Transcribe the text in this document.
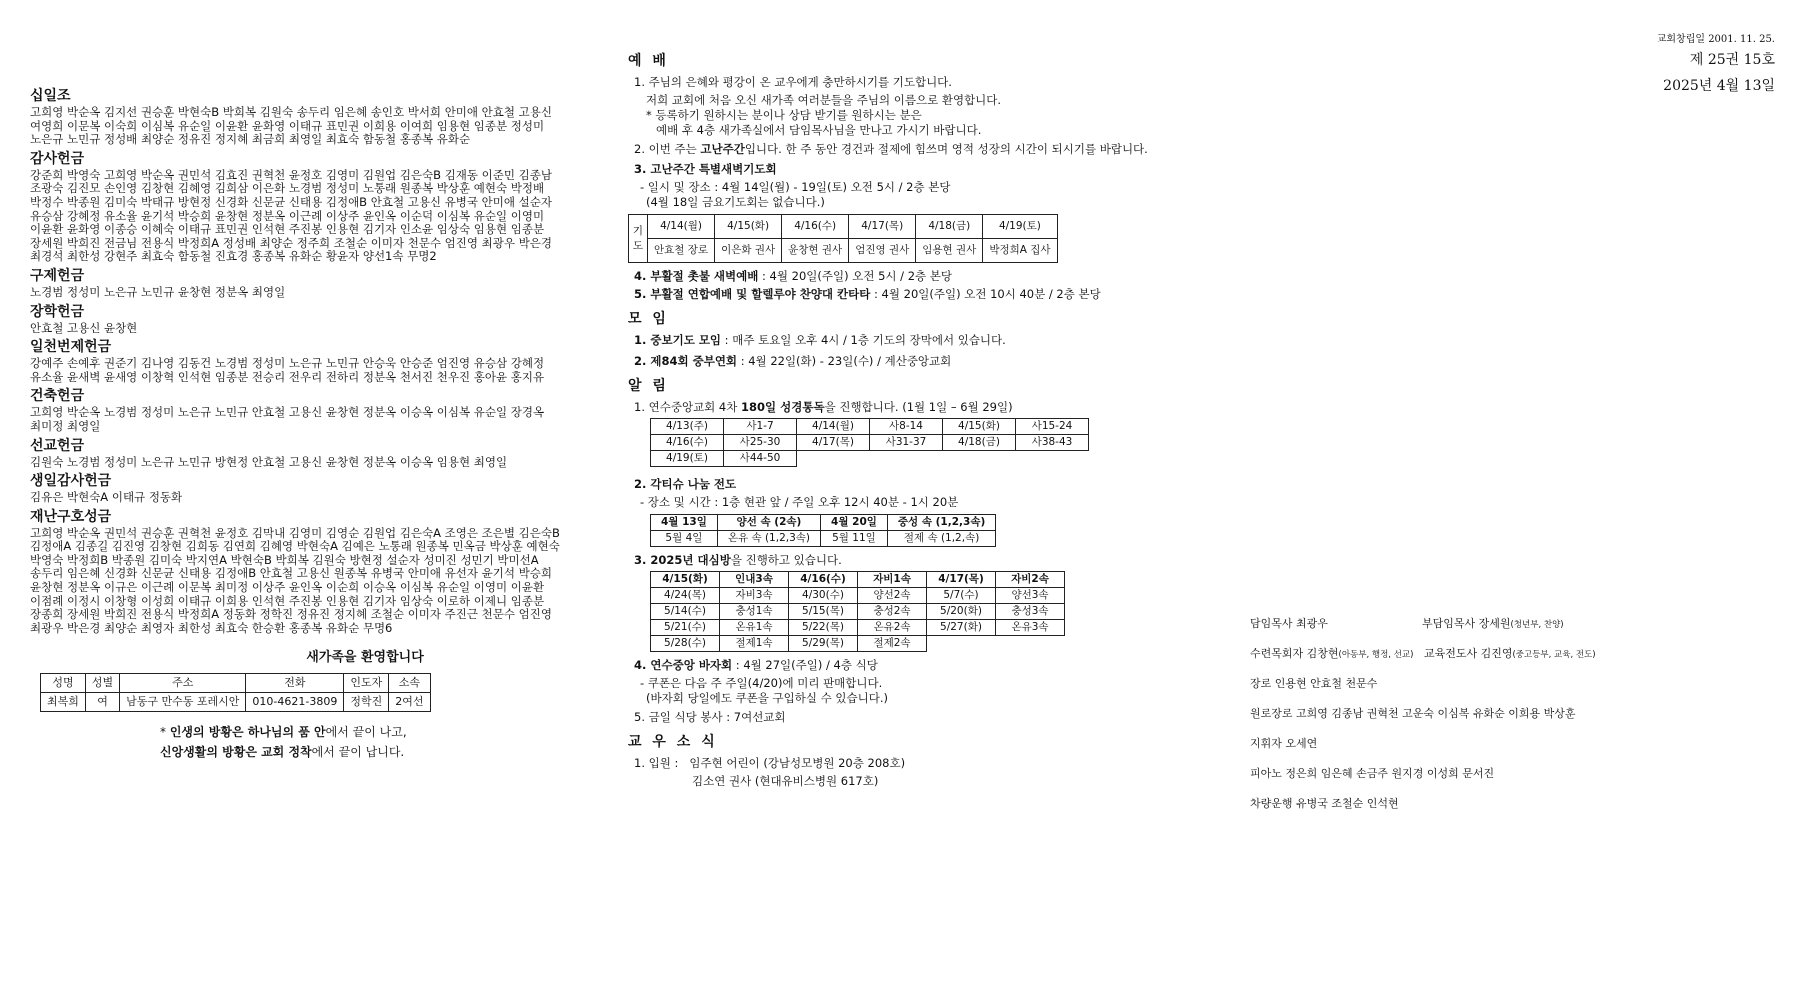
교회창립일 2001. 11. 25.
제 25권 15호
2025년 4월 13일
십일조
고희영 박순옥 김지선 권승훈 박현숙B 박희복 김원숙 송두리 임은혜 송인호 박서희 안미애 안효철 고용신 여영희 이문복 이숙희 이심복 유순일 이윤환 윤화영 이태규 표민권 이희용 이여희 임용현 임종분 정성미 노은규 노민규 정성배 최양순 정유진 정지혜 최금희 최영일 최효숙 함동철 홍종복 유화순
감사헌금
강준희 박영숙 고희영 박순옥 권민석 김효진 권혁천 윤정호 김영미 김원업 김은숙B 김재동 이준민 김종남 조광숙 김진모 손인영 김창현 김혜영 김희삼 이은화 노경범 정성미 노통래 원종복 박상훈 예현숙 박정배 박정수 박종원 김미숙 박태규 방현정 신경화 신문균 신태용 김정애B 안효철 고용신 유병국 안미애 설순자 유승삼 강혜정 유소율 윤기석 박승희 윤창현 정분옥 이근례 이상주 윤인옥 이순덕 이심복 유순일 이영미 이윤환 윤화영 이종승 이혜숙 이태규 표민권 인석현 주진봉 인용현 김기자 인소윤 임상숙 임용현 임종분 장세원 박희진 전금님 전용식 박정희A 정성배 최양순 정주희 조철순 이미자 천문수 엄진영 최광우 박은경 최경석 최한성 강현주 최효숙 함동철 진효경 홍종복 유화순 황윤자 양선1속 무명2
구제헌금
노경범 정성미 노은규 노민규 윤창현 정분옥 최영일
장학헌금
안효철 고용신 윤창현
일천번제헌금
강예주 손예후 권준기 김나영 김동건 노경범 정성미 노은규 노민규 안승욱 안승준 엄진영 유승삼 강혜정 유소율 윤새벽 윤새영 이창혁 인석현 임종분 전승리 전우리 전하리 정분옥 천서진 천우진 홍아윤 홍지유
건축헌금
고희영 박순옥 노경범 정성미 노은규 노민규 안효철 고용신 윤창현 정분옥 이승옥 이심복 유순일 장경옥 최미정 최영일
선교헌금
김원숙 노경범 정성미 노은규 노민규 방현정 안효철 고용신 윤창현 정분옥 이승옥 임용현 최영일
생일감사헌금
김유은 박현숙A 이태규 정동화
재난구호성금
고희영 박순옥 권민석 권승훈 권혁천 윤정호 김막내 김영미 김영순 김원업 김은숙A 조영은 조은별 김은숙B 김정애A 김종길 김진영 김창현 김희동 김연희 김혜영 박현숙A 김예은 노통래 원종복 민옥금 박상훈 예현숙 박영숙 박정희B 박종원 김미숙 박지연A 박현숙B 박희복 김원숙 방현정 설순자 성미진 성민기 박미선A 송두리 임은혜 신경화 신문균 신태용 김정애B 안효철 고용신 원종복 유병국 안미애 유선자 윤기석 박승희 윤창현 정분옥 이규은 이근례 이문복 최미정 이상주 윤인옥 이순희 이승옥 이심복 유순일 이영미 이윤환 이점례 이정시 이창형 이성희 이태규 이희용 인석현 주진봉 인용현 김기자 임상숙 이로하 이제니 임종분 장종희 장세원 박희진 전용식 박정희A 정동화 정학진 정유진 정지혜 조철순 이미자 주진근 천문수 엄진영 최광우 박은경 최양순 최영자 최한성 최효숙 한승환 홍종복 유화순 무명6
새가족을 환영합니다
성명	성별	주소	전화	인도자	소속
최복희	여	남동구 만수동 포레시안	010-4621-3809	정학진	2여선
* 인생의 방황은 하나님의 품 안에서 끝이 나고,
신앙생활의 방황은 교회 정착에서 끝이 납니다.
예 배
1. 주님의 은혜와 평강이 온 교우에게 충만하시기를 기도합니다.
저희 교회에 처음 오신 새가족 여러분들을 주님의 이름으로 환영합니다.
* 등록하기 원하시는 분이나 상담 받기를 원하시는 분은
예배 후 4층 새가족실에서 담임목사님을 만나고 가시기 바랍니다.
2. 이번 주는 고난주간입니다. 한 주 동안 경건과 절제에 힘쓰며 영적 성장의 시간이 되시기를 바랍니다.
3. 고난주간 특별새벽기도회
- 일시 및 장소 : 4월 14일(월) - 19일(토) 오전 5시 / 2층 본당
(4월 18일 금요기도회는 없습니다.)
기도	4/14(월)	4/15(화)	4/16(수)	4/17(목)	4/18(금)	4/19(토)
	안효철 장로	이은화 권사	윤창현 권사	엄진영 권사	임용현 권사	박정희A 집사
4. 부활절 촛불 새벽예배 : 4월 20일(주일) 오전 5시 / 2층 본당
5. 부활절 연합예배 및 할렐루야 찬양대 칸타타 : 4월 20일(주일) 오전 10시 40분 / 2층 본당
모 임
1. 중보기도 모임 : 매주 토요일 오후 4시 / 1층 기도의 장막에서 있습니다.
2. 제84회 중부연회 : 4월 22일(화) - 23일(수) / 계산중앙교회
알 림
1. 연수중앙교회 4차 180일 성경통독을 진행합니다. (1월 1일 – 6월 29일)
4/13(주)	사1-7	4/14(월)	사8-14	4/15(화)	사15-24
4/16(수)	사25-30	4/17(목)	사31-37	4/18(금)	사38-43
4/19(토)	사44-50				
2. 각티슈 나눔 전도
- 장소 및 시간 : 1층 현관 앞 / 주일 오후 12시 40분 - 1시 20분
4월 13일	양선 속 (2속)	4월 20일	중성 속 (1,2,3속)
5월 4일	온유 속 (1,2,3속)	5월 11일	절제 속 (1,2,속)
3. 2025년 대심방을 진행하고 있습니다.
4/15(화)	인내3속	4/16(수)	자비1속	4/17(목)	자비2속
4/24(목)	자비3속	4/30(수)	양선2속	5/7(수)	양선3속
5/14(수)	충성1속	5/15(목)	충성2속	5/20(화)	충성3속
5/21(수)	온유1속	5/22(목)	온유2속	5/27(화)	온유3속
5/28(수)	절제1속	5/29(목)	절제2속		
4. 연수중앙 바자회 : 4월 27일(주일) / 4층 식당
- 쿠폰은 다음 주 주일(4/20)에 미리 판매합니다.
(바자회 당일에도 쿠폰을 구입하실 수 있습니다.)
5. 금일 식당 봉사 : 7여선교회
교 우 소 식
1. 입원 : 임주현 어린이 (강남성모병원 20층 208호)
김소연 권사 (현대유비스병원 617호)
담임목사 최광우	부담임목사 장세원(청년부, 찬양)
수련목회자 김창현(아동부, 행정, 선교) 교육전도사 김진영(중고등부, 교육, 전도)
장로 인용현 안효철 천문수
원로장로 고희영 김종남 권혁천 고운숙 이심복 유화순 이희용 박상훈
지휘자 오세연
피아노 정은희 임은혜 손금주 원지경 이성희 문서진
차량운행 유병국 조철순 인석현
